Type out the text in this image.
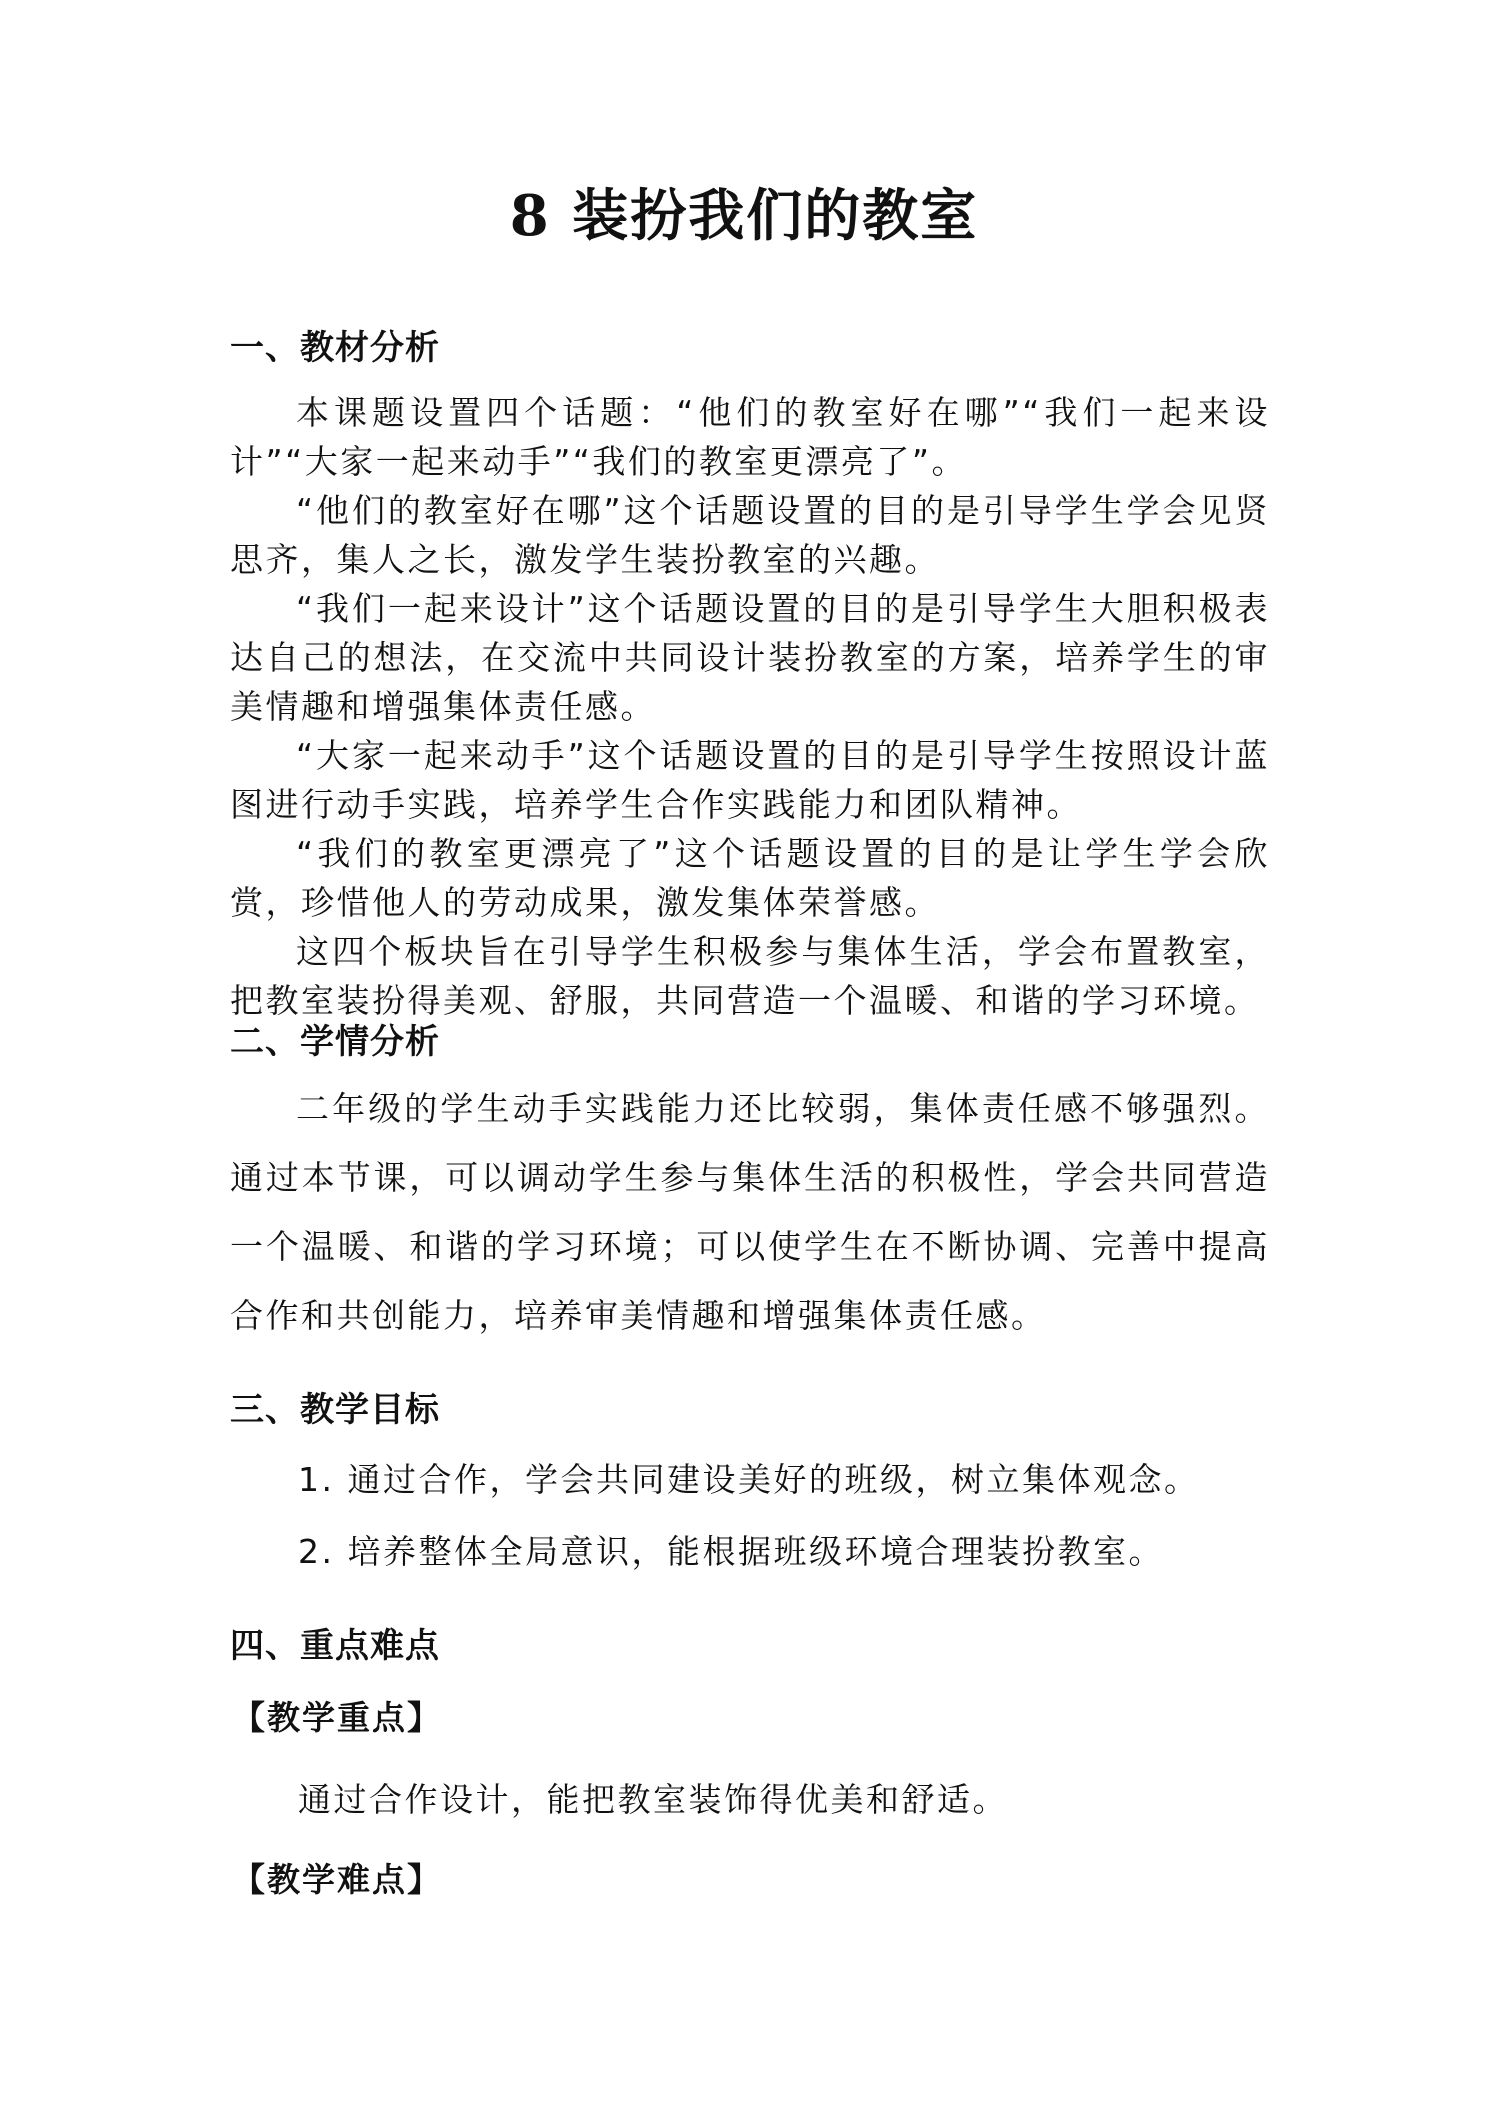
8 装扮我们的教室
一、教材分析

本课题设置四个话题：“他们的教室好在哪”“我们一起来设计”“大家一起来动手”“我们的教室更漂亮了”。

“他们的教室好在哪”这个话题设置的目的是引导学生学会见贤思齐，集人之长，激发学生装扮教室的兴趣。

“我们一起来设计”这个话题设置的目的是引导学生大胆积极表达自己的想法，在交流中共同设计装扮教室的方案，培养学生的审美情趣和增强集体责任感。

“大家一起来动手”这个话题设置的目的是引导学生按照设计蓝图进行动手实践，培养学生合作实践能力和团队精神。

“我们的教室更漂亮了”这个话题设置的目的是让学生学会欣赏，珍惜他人的劳动成果，激发集体荣誉感。

这四个板块旨在引导学生积极参与集体生活，学会布置教室，把教室装扮得美观、舒服，共同营造一个温暖、和谐的学习环境。

二、学情分析

二年级的学生动手实践能力还比较弱，集体责任感不够强烈。通过本节课，可以调动学生参与集体生活的积极性，学会共同营造一个温暖、和谐的学习环境；可以使学生在不断协调、完善中提高合作和共创能力，培养审美情趣和增强集体责任感。

三、教学目标
1. 通过合作，学会共同建设美好的班级，树立集体观念。
2. 培养整体全局意识，能根据班级环境合理装扮教室。
四、重点难点
【教学重点】
通过合作设计，能把教室装饰得优美和舒适。
【教学难点】
